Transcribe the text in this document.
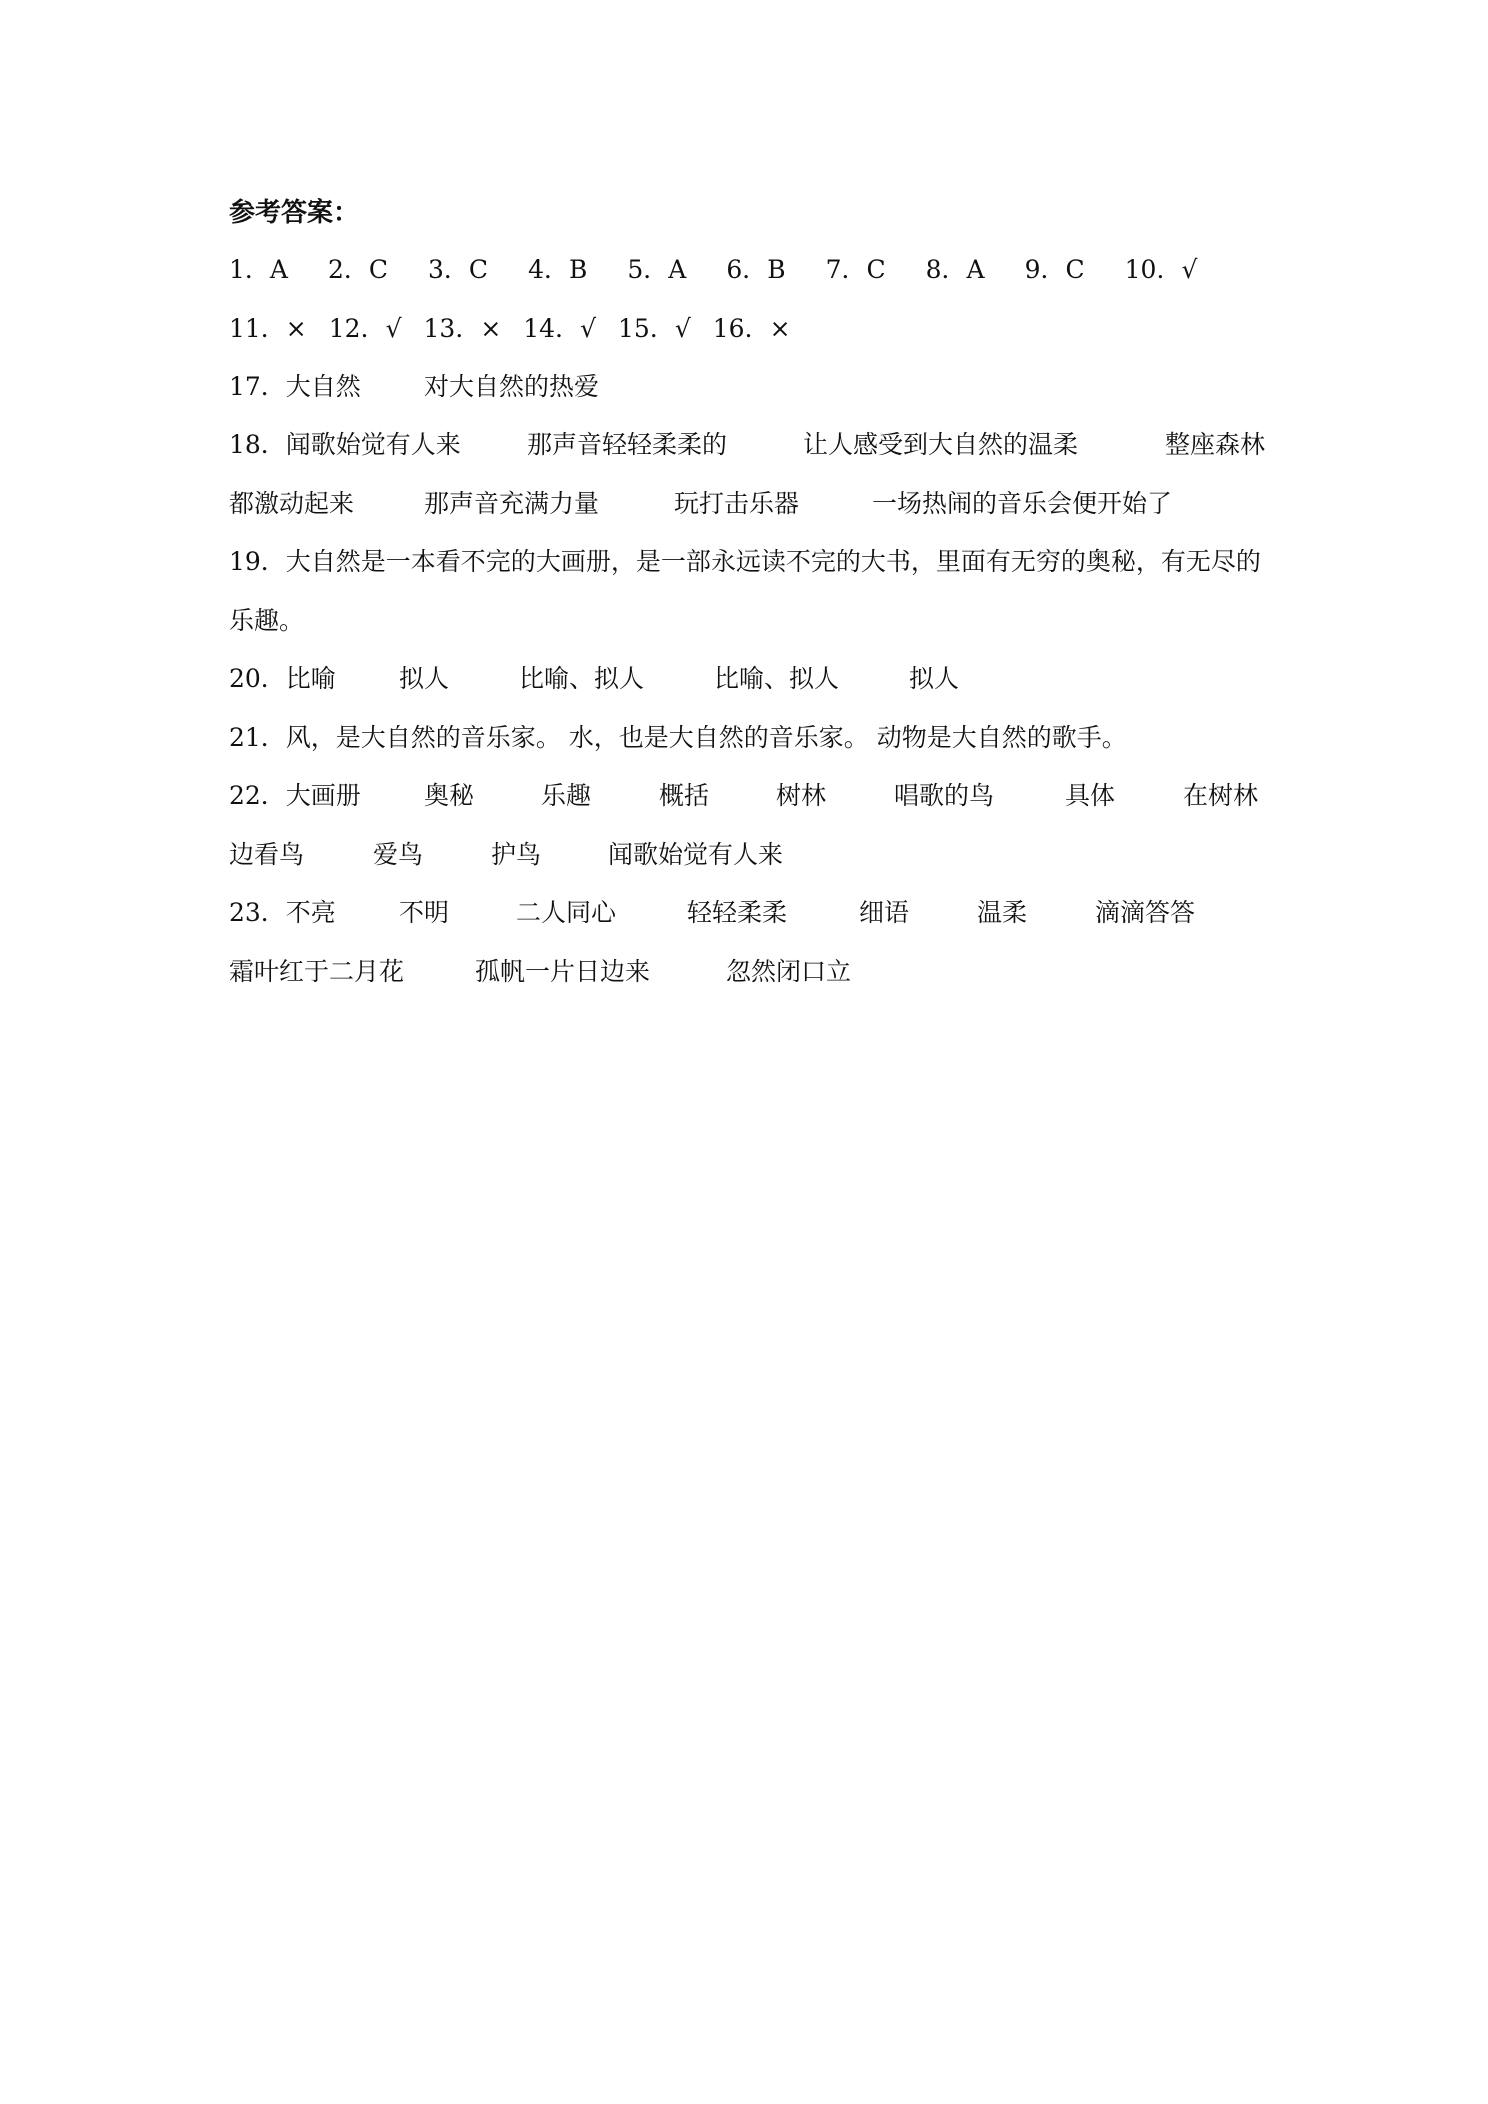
参考答案：
1．A 2．C 3．C 4．B 5．A 6．B 7．C 8．A 9．C 10．√
11．× 12．√ 13．× 14．√ 15．√ 16．×
17．大自然	对大自然的热爱
18．闻歌始觉有人来	那声音轻轻柔柔的	让人感受到大自然的温柔	整座森林
都激动起来	那声音充满力量	玩打击乐器	一场热闹的音乐会便开始了
19．大自然是一本看不完的大画册，是一部永远读不完的大书，里面有无穷的奥秘，有无尽的乐趣。
20．比喻	拟人	比喻、拟人	比喻、拟人	拟人
21．风，是大自然的音乐家。 水，也是大自然的音乐家。 动物是大自然的歌手。
22．大画册	奥秘	乐趣	概括	树林	唱歌的鸟	具体	在树林
边看鸟	爱鸟	护鸟	闻歌始觉有人来
23．不亮	不明	二人同心	轻轻柔柔	细语	温柔	滴滴答答
霜叶红于二月花	孤帆一片日边来	忽然闭口立
